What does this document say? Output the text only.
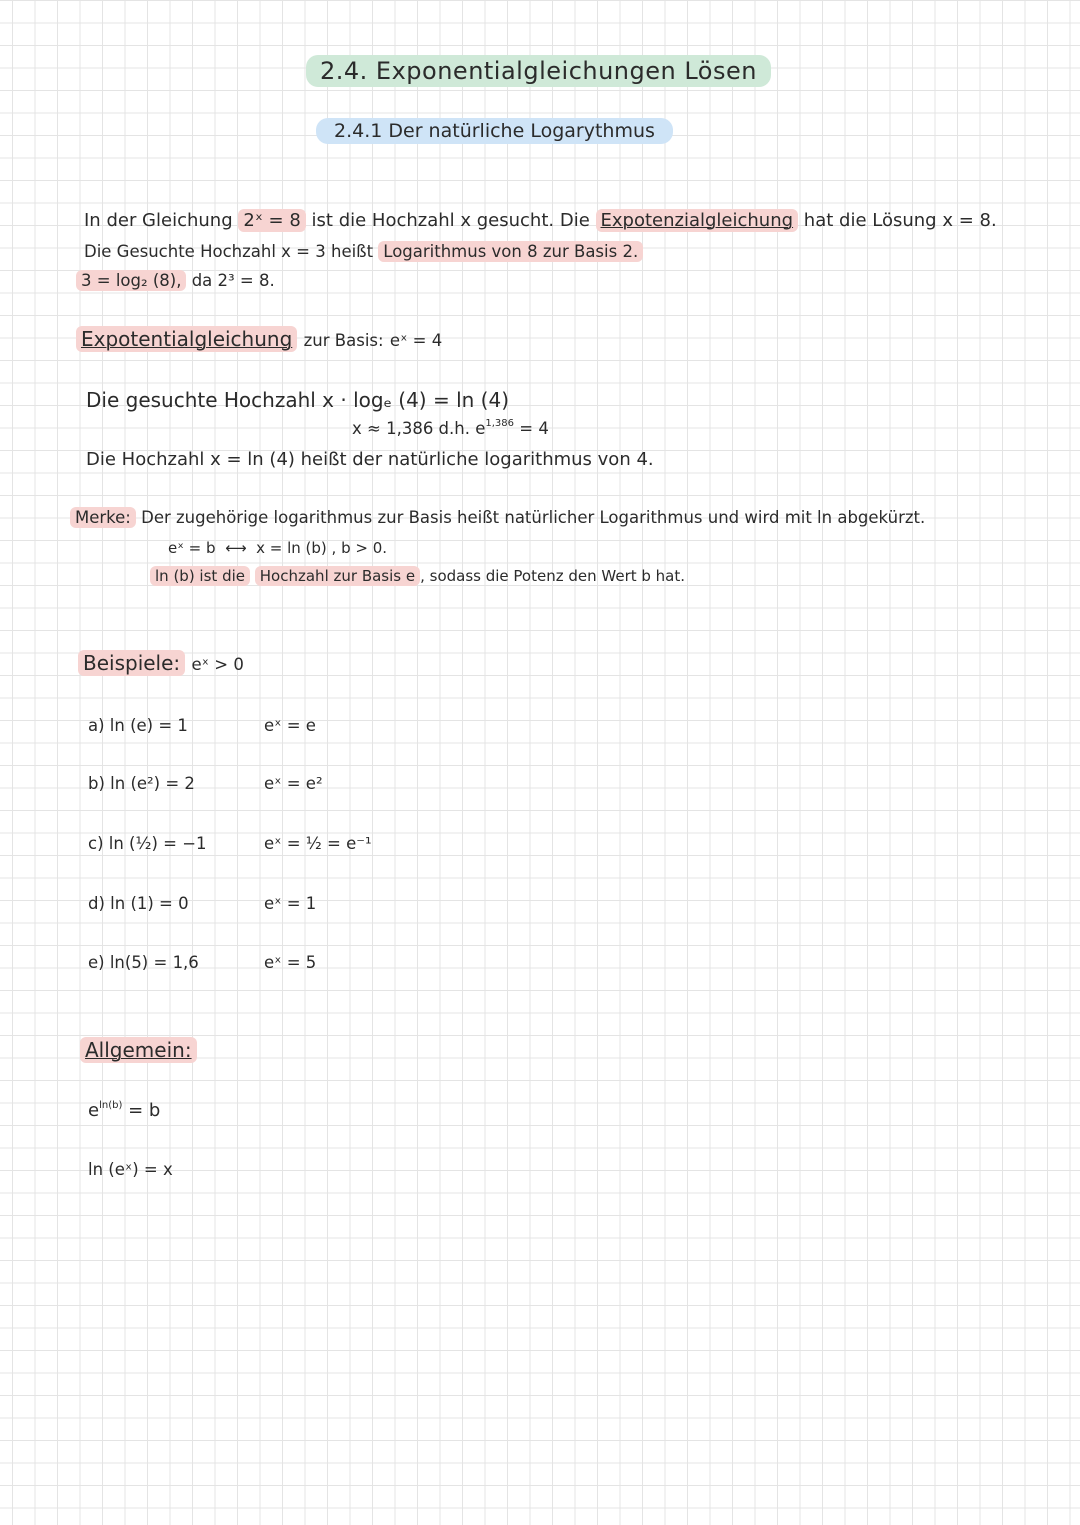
2.4. Exponentialgleichungen Lösen
2.4.1 Der natürliche Logarythmus
In der Gleichung 2ˣ = 8 ist die Hochzahl x gesucht. Die Expotenzialgleichung hat die Lösung x = 8.
Die Gesuchte Hochzahl x = 3 heißt Logarithmus von 8 zur Basis 2.
3 = log₂ (8), da 2³ = 8.
Expotentialgleichung zur Basis: eˣ = 4
Die gesuchte Hochzahl x · logₑ (4) = ln (4)
x ≈ 1,386 d.h. $e^{1,386} = 4$
Die Hochzahl x = ln (4) heißt der natürliche logarithmus von 4.
Merke: Der zugehörige logarithmus zur Basis heißt natürlicher Logarithmus und wird mit ln abgekürzt.
eˣ = b ⟷ x = ln (b) , b > 0.
ln (b) ist die Hochzahl zur Basis e , sodass die Potenz den Wert b hat.
Beispiele: eˣ > 0
a) ln (e) = 1	eˣ = e
b) ln (e²) = 2	eˣ = e²
c) ln (½) = −1	eˣ = ½ = e⁻¹
d) ln (1) = 0	eˣ = 1
e) ln(5) = 1,6	eˣ = 5
Allgemein:
$e^{ln(b)} = b$
ln (eˣ) = x
